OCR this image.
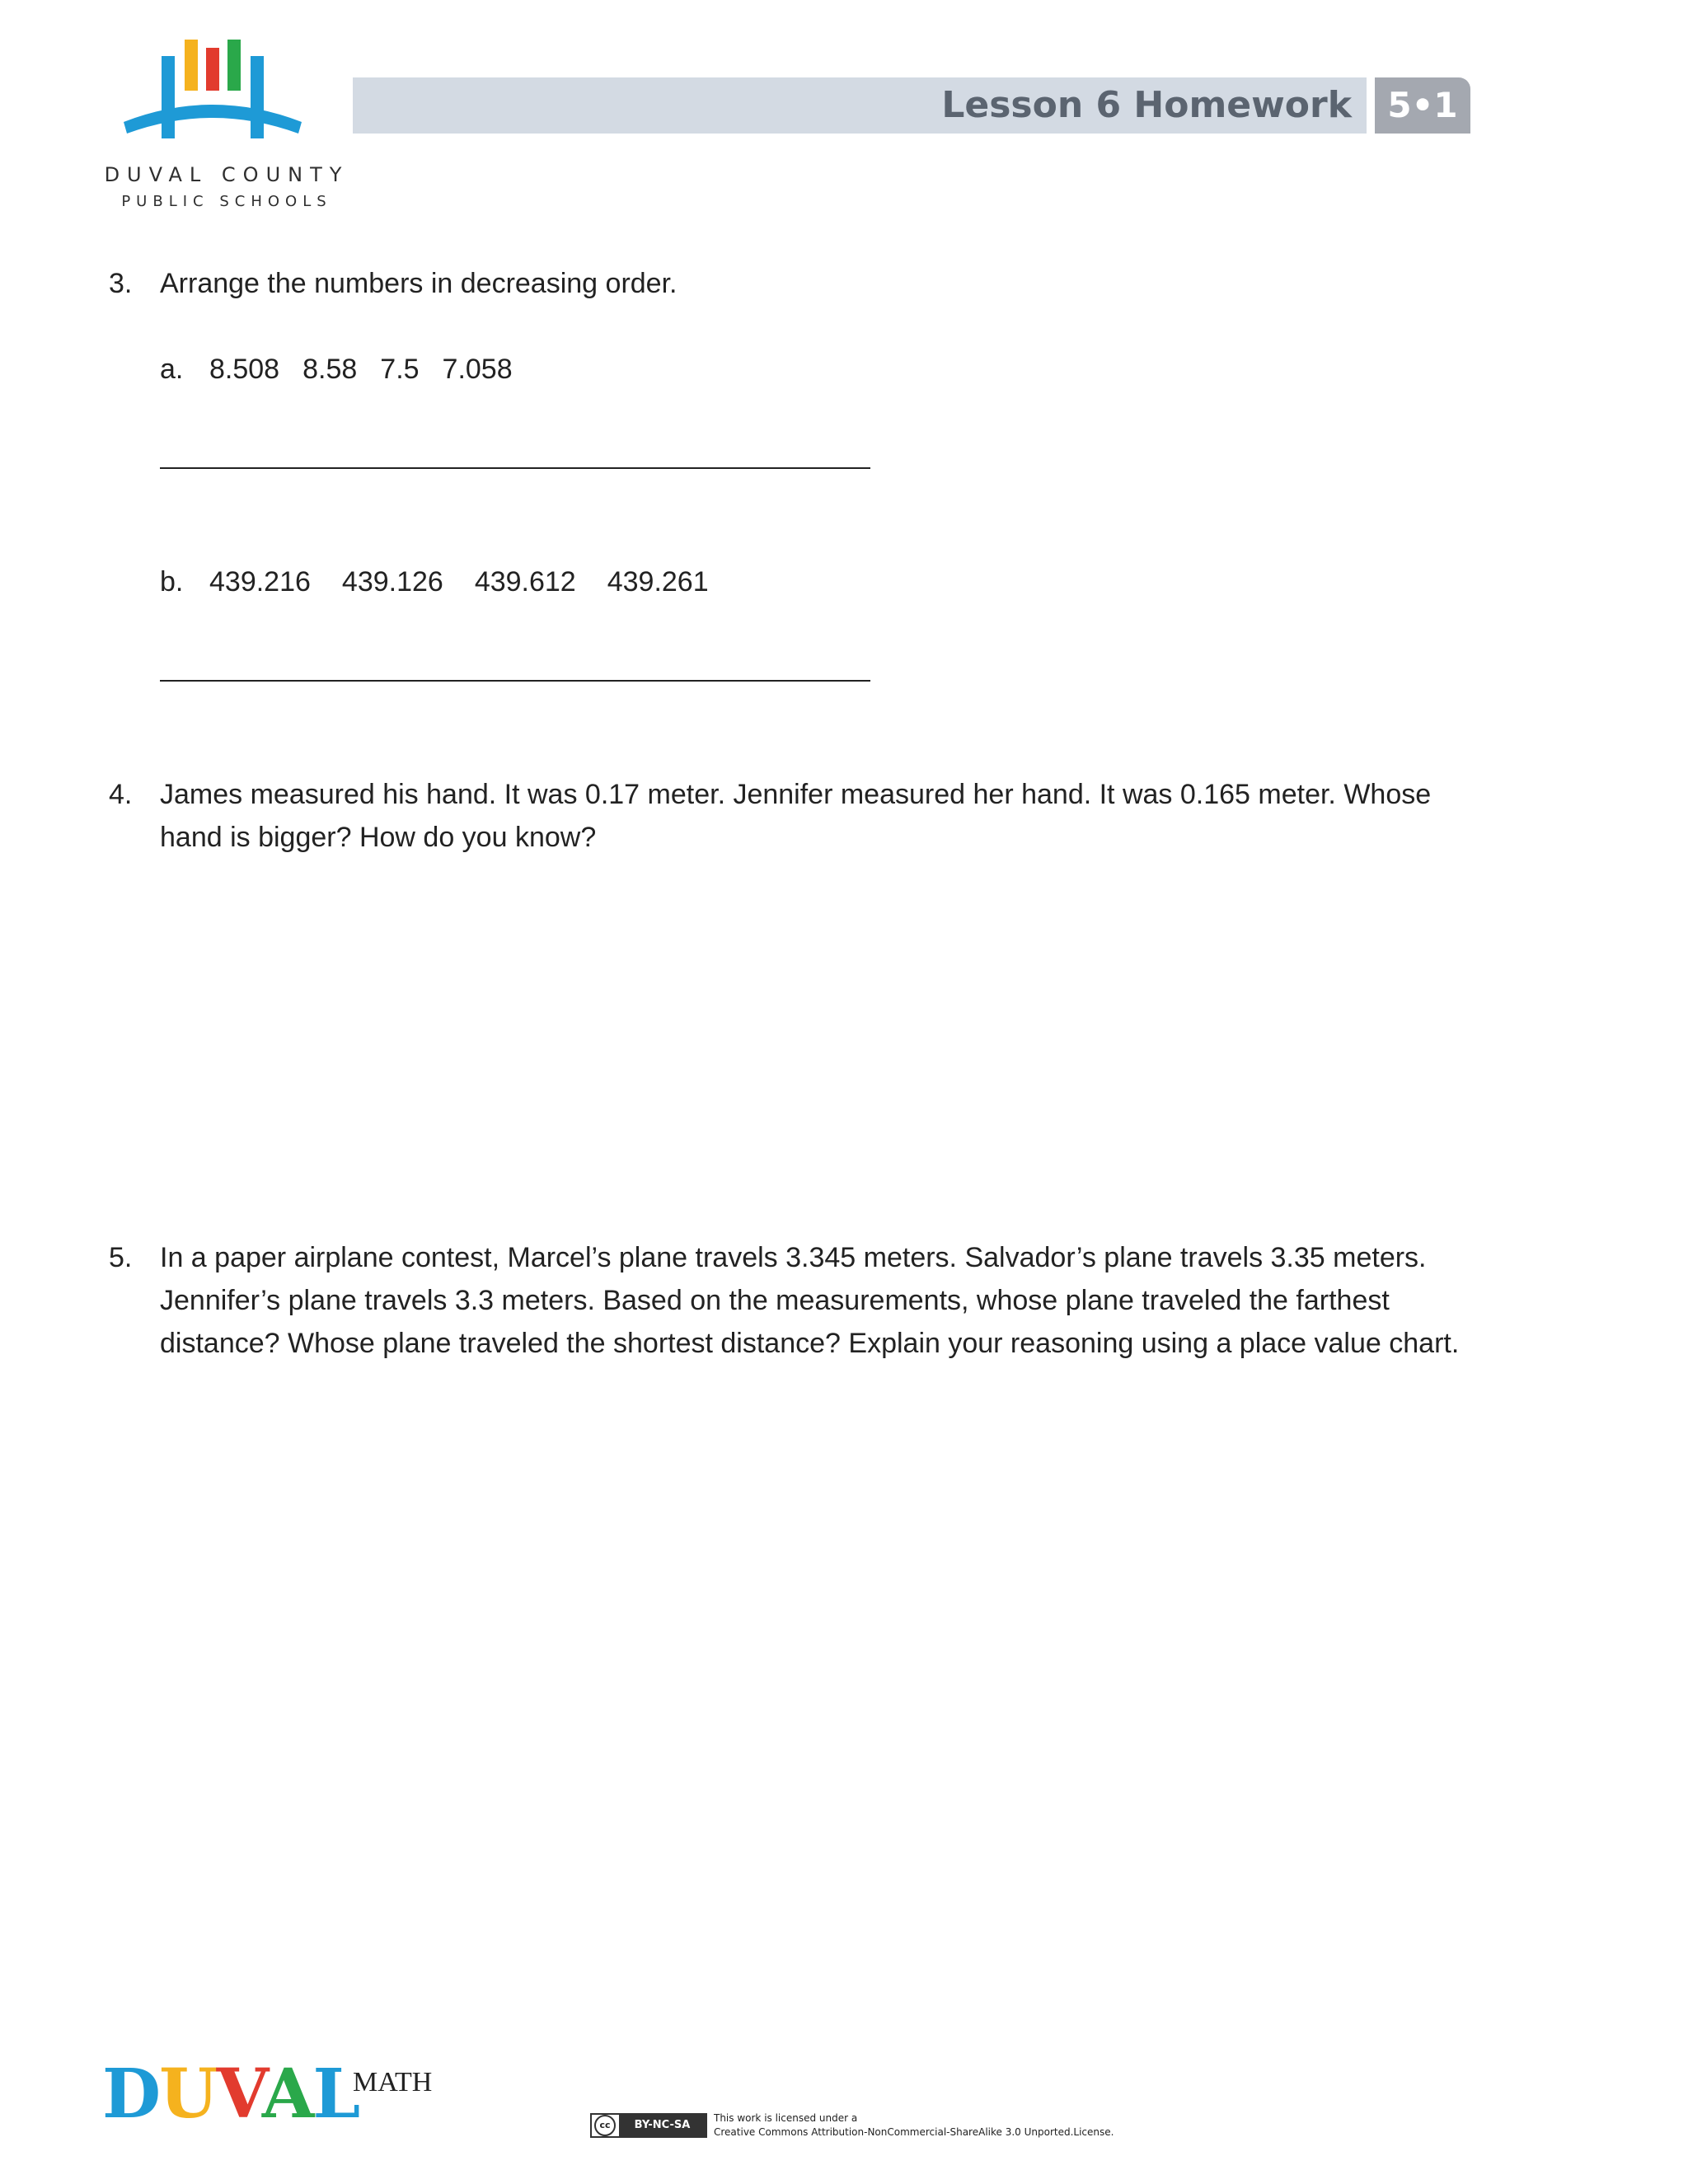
DUVAL COUNTY
PUBLIC SCHOOLS
Lesson 6 Homework	5•1
3. Arrange the numbers in decreasing order.
a. 8.508 8.58 7.5 7.058
b. 439.216 439.126 439.612 439.261
4. James measured his hand. It was 0.17 meter. Jennifer measured her hand. It was 0.165 meter. Whose
hand is bigger? How do you know?
5. In a paper airplane contest, Marcel’s plane travels 3.345 meters. Salvador’s plane travels 3.35 meters.
Jennifer’s plane travels 3.3 meters. Based on the measurements, whose plane traveled the farthest
distance? Whose plane traveled the shortest distance? Explain your reasoning using a place value chart.
DUVAL
MATH
cc	BY-NC-SA
This work is licensed under a
Creative Commons Attribution-NonCommercial-ShareAlike 3.0 Unported.License.
